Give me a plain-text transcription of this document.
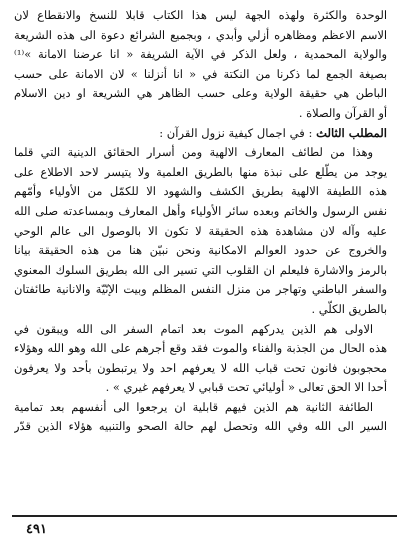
الوحدة والكثرة ولهذه الجهة ليس هذا الكتاب قابلا للنسخ والانقطاع لان
الاسم الاعظم ومظاهره أزلي وأبدي ، وبجميع الشرائع دعوة الى هذه الشريعة
والولاية المحمدية ، ولعل الذكر في الآية الشريفة « انا عرضنا الامانة »⁽¹⁾
بصيغة الجمع لما ذكرنا من النكتة في « انا أنزلنا » لان الامانة على حسب
الباطن هي حقيقة الولاية وعلى حسب الظاهر هي الشريعة او دين الاسلام
أو القرآن والصلاة .
المطلب الثالث : في اجمال كيفية نزول القرآن :
وهذا من لطائف المعارف الالهية ومن أسرار الحقائق الدينية التي قلما
يوجد من يطّلع على نبذة منها بالطريق العلمية ولا يتيسر لاحد الاطلاع على
هذه اللطيفة الالهية بطريق الكشف والشهود الا للكمّل من الأولياء وأمّهم
نفس الرسول والخاتم وبعده سائر الأولياء وأهل المعارف وبمساعدته صلى الله
عليه وآله لان مشاهدة هذه الحقيقة لا تكون الا بالوصول الى عالم الوحي
والخروج عن حدود العوالم الامكانية ونحن نبيّن هنا من هذه الحقيقة بيانا
بالرمز والاشارة فليعلم ان القلوب التي تسير الى الله بطريق السلوك المعنوي
والسفر الباطني وتهاجر من منزل النفس المظلم وبيت الإنّيّة والانانية طائفتان
بالطريق الكلّي .
الاولى هم الذين يدركهم الموت بعد اتمام السفر الى الله ويبقون في
هذه الحال من الجذبة والفناء والموت فقد وقع أجرهم على الله وهو الله وهؤلاء
محجوبون فانون تحت قباب الله لا يعرفهم احد ولا يرتبطون بأحد ولا يعرفون
أحدا الا الحق تعالى « أوليائي تحت قبابي لا يعرفهم غيري » .
الطائفة الثانية هم الذين فيهم قابلية ان يرجعوا الى أنفسهم بعد تمامية
السير الى الله وفي الله وتحصل لهم حالة الصحو والتنبيه هؤلاء الذين قدّر
٤٩١
